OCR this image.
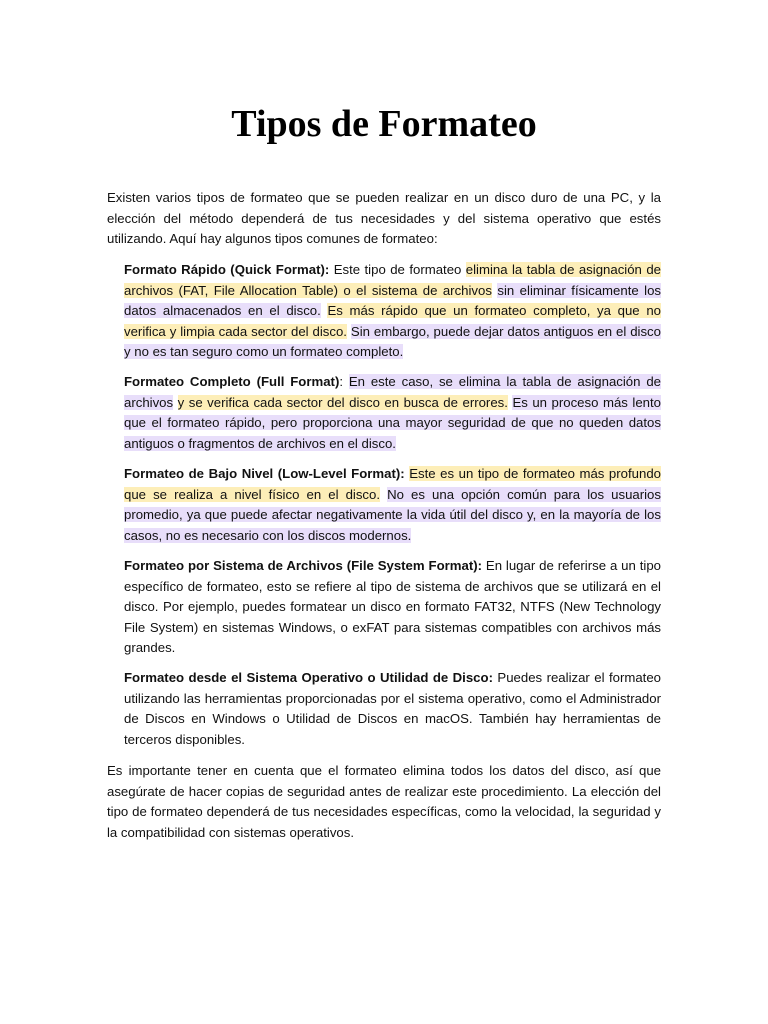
Tipos de Formateo

Existen varios tipos de formateo que se pueden realizar en un disco duro de una PC, y la elección del método dependerá de tus necesidades y del sistema operativo que estés utilizando. Aquí hay algunos tipos comunes de formateo:

Formato Rápido (Quick Format): Este tipo de formateo elimina la tabla de asignación de archivos (FAT, File Allocation Table) o el sistema de archivos sin eliminar físicamente los datos almacenados en el disco. Es más rápido que un formateo completo, ya que no verifica y limpia cada sector del disco. Sin embargo, puede dejar datos antiguos en el disco y no es tan seguro como un formateo completo.

Formateo Completo (Full Format): En este caso, se elimina la tabla de asignación de archivos y se verifica cada sector del disco en busca de errores. Es un proceso más lento que el formateo rápido, pero proporciona una mayor seguridad de que no queden datos antiguos o fragmentos de archivos en el disco.

Formateo de Bajo Nivel (Low-Level Format): Este es un tipo de formateo más profundo que se realiza a nivel físico en el disco. No es una opción común para los usuarios promedio, ya que puede afectar negativamente la vida útil del disco y, en la mayoría de los casos, no es necesario con los discos modernos.

Formateo por Sistema de Archivos (File System Format): En lugar de referirse a un tipo específico de formateo, esto se refiere al tipo de sistema de archivos que se utilizará en el disco. Por ejemplo, puedes formatear un disco en formato FAT32, NTFS (New Technology File System) en sistemas Windows, o exFAT para sistemas compatibles con archivos más grandes.

Formateo desde el Sistema Operativo o Utilidad de Disco: Puedes realizar el formateo utilizando las herramientas proporcionadas por el sistema operativo, como el Administrador de Discos en Windows o Utilidad de Discos en macOS. También hay herramientas de terceros disponibles.

Es importante tener en cuenta que el formateo elimina todos los datos del disco, así que asegúrate de hacer copias de seguridad antes de realizar este procedimiento. La elección del tipo de formateo dependerá de tus necesidades específicas, como la velocidad, la seguridad y la compatibilidad con sistemas operativos.
